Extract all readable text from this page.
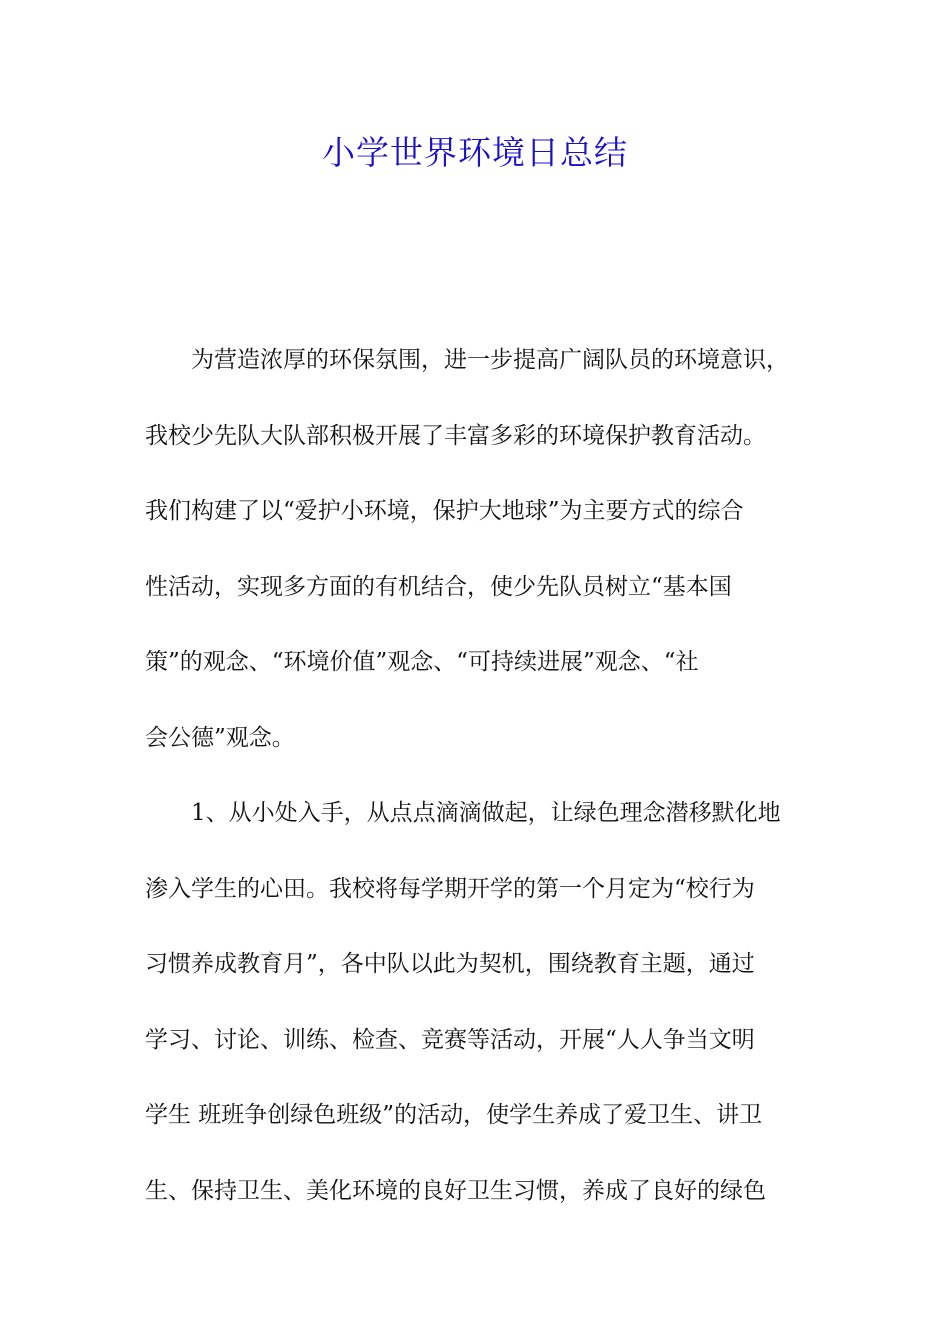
小学世界环境日总结
为营造浓厚的环保氛围，进一步提高广阔队员的环境意识，
我校少先队大队部积极开展了丰富多彩的环境保护教育活动。
我们构建了以“爱护小环境，保护大地球”为主要方式的综合
性活动，实现多方面的有机结合，使少先队员树立“基本国
策”的观念、“环境价值”观念、“可持续进展”观念、“社
会公德”观念。
1、从小处入手，从点点滴滴做起，让绿色理念潜移默化地
渗入学生的心田。我校将每学期开学的第一个月定为“校行为
习惯养成教育月”，各中队以此为契机，围绕教育主题，通过
学习、讨论、训练、检查、竞赛等活动，开展“人人争当文明
学生 班班争创绿色班级”的活动，使学生养成了爱卫生、讲卫
生、保持卫生、美化环境的良好卫生习惯，养成了良好的绿色
